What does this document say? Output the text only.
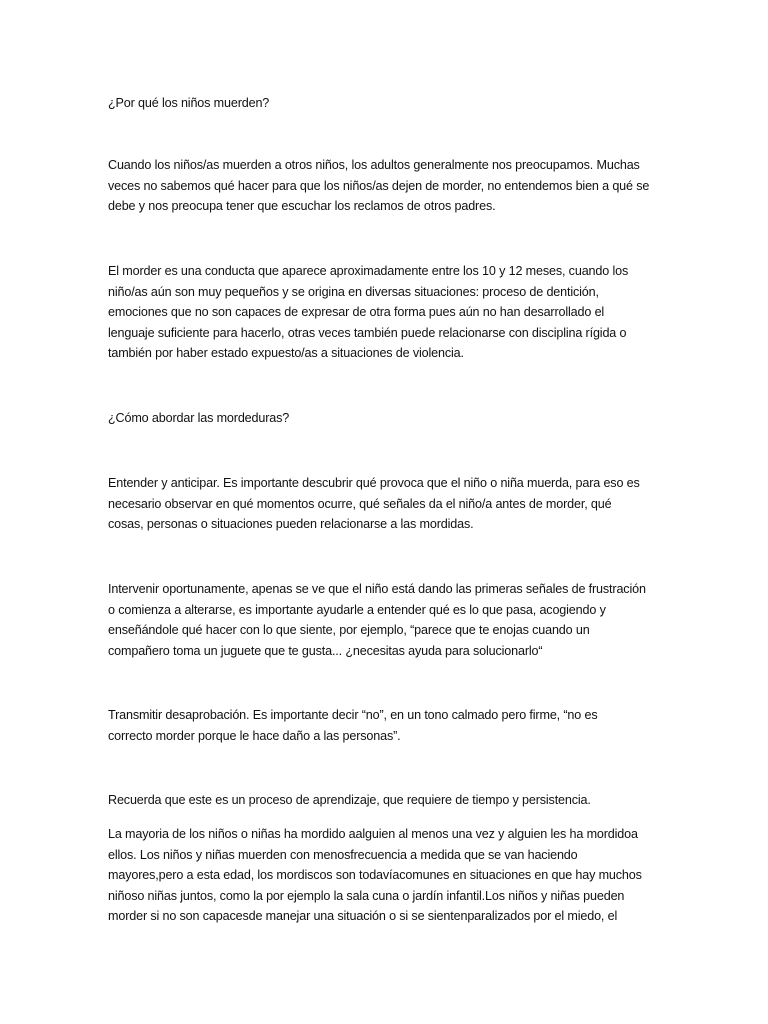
¿Por qué los niños muerden?

Cuando los niños/as muerden a otros niños, los adultos generalmente nos preocupamos. Muchas
veces no sabemos qué hacer para que los niños/as dejen de morder, no entendemos bien a qué se
debe y nos preocupa tener que escuchar los reclamos de otros padres.

El morder es una conducta que aparece aproximadamente entre los 10 y 12 meses, cuando los
niño/as aún son muy pequeños y se origina en diversas situaciones: proceso de dentición,
emociones que no son capaces de expresar de otra forma pues aún no han desarrollado el
lenguaje suficiente para hacerlo, otras veces también puede relacionarse con disciplina rígida o
también por haber estado expuesto/as a situaciones de violencia.

¿Cómo abordar las mordeduras?

Entender y anticipar. Es importante descubrir qué provoca que el niño o niña muerda, para eso es
necesario observar en qué momentos ocurre, qué señales da el niño/a antes de morder, qué
cosas, personas o situaciones pueden relacionarse a las mordidas.

Intervenir oportunamente, apenas se ve que el niño está dando las primeras señales de frustración
o comienza a alterarse, es importante ayudarle a entender qué es lo que pasa, acogiendo y
enseñándole qué hacer con lo que siente, por ejemplo, “parece que te enojas cuando un
compañero toma un juguete que te gusta... ¿necesitas ayuda para solucionarlo“

Transmitir desaprobación. Es importante decir “no”, en un tono calmado pero firme, “no es
correcto morder porque le hace daño a las personas”.

Recuerda que este es un proceso de aprendizaje, que requiere de tiempo y persistencia.

La mayoria de los niños o niñas ha mordido aalguien al menos una vez y alguien les ha mordidoa
ellos. Los niños y niñas muerden con menosfrecuencia a medida que se van haciendo
mayores,pero a esta edad, los mordiscos son todavíacomunes en situaciones en que hay muchos
niñoso niñas juntos, como la por ejemplo la sala cuna o jardín infantil.Los niños y niñas pueden
morder si no son capacesde manejar una situación o si se sientenparalizados por el miedo, el
